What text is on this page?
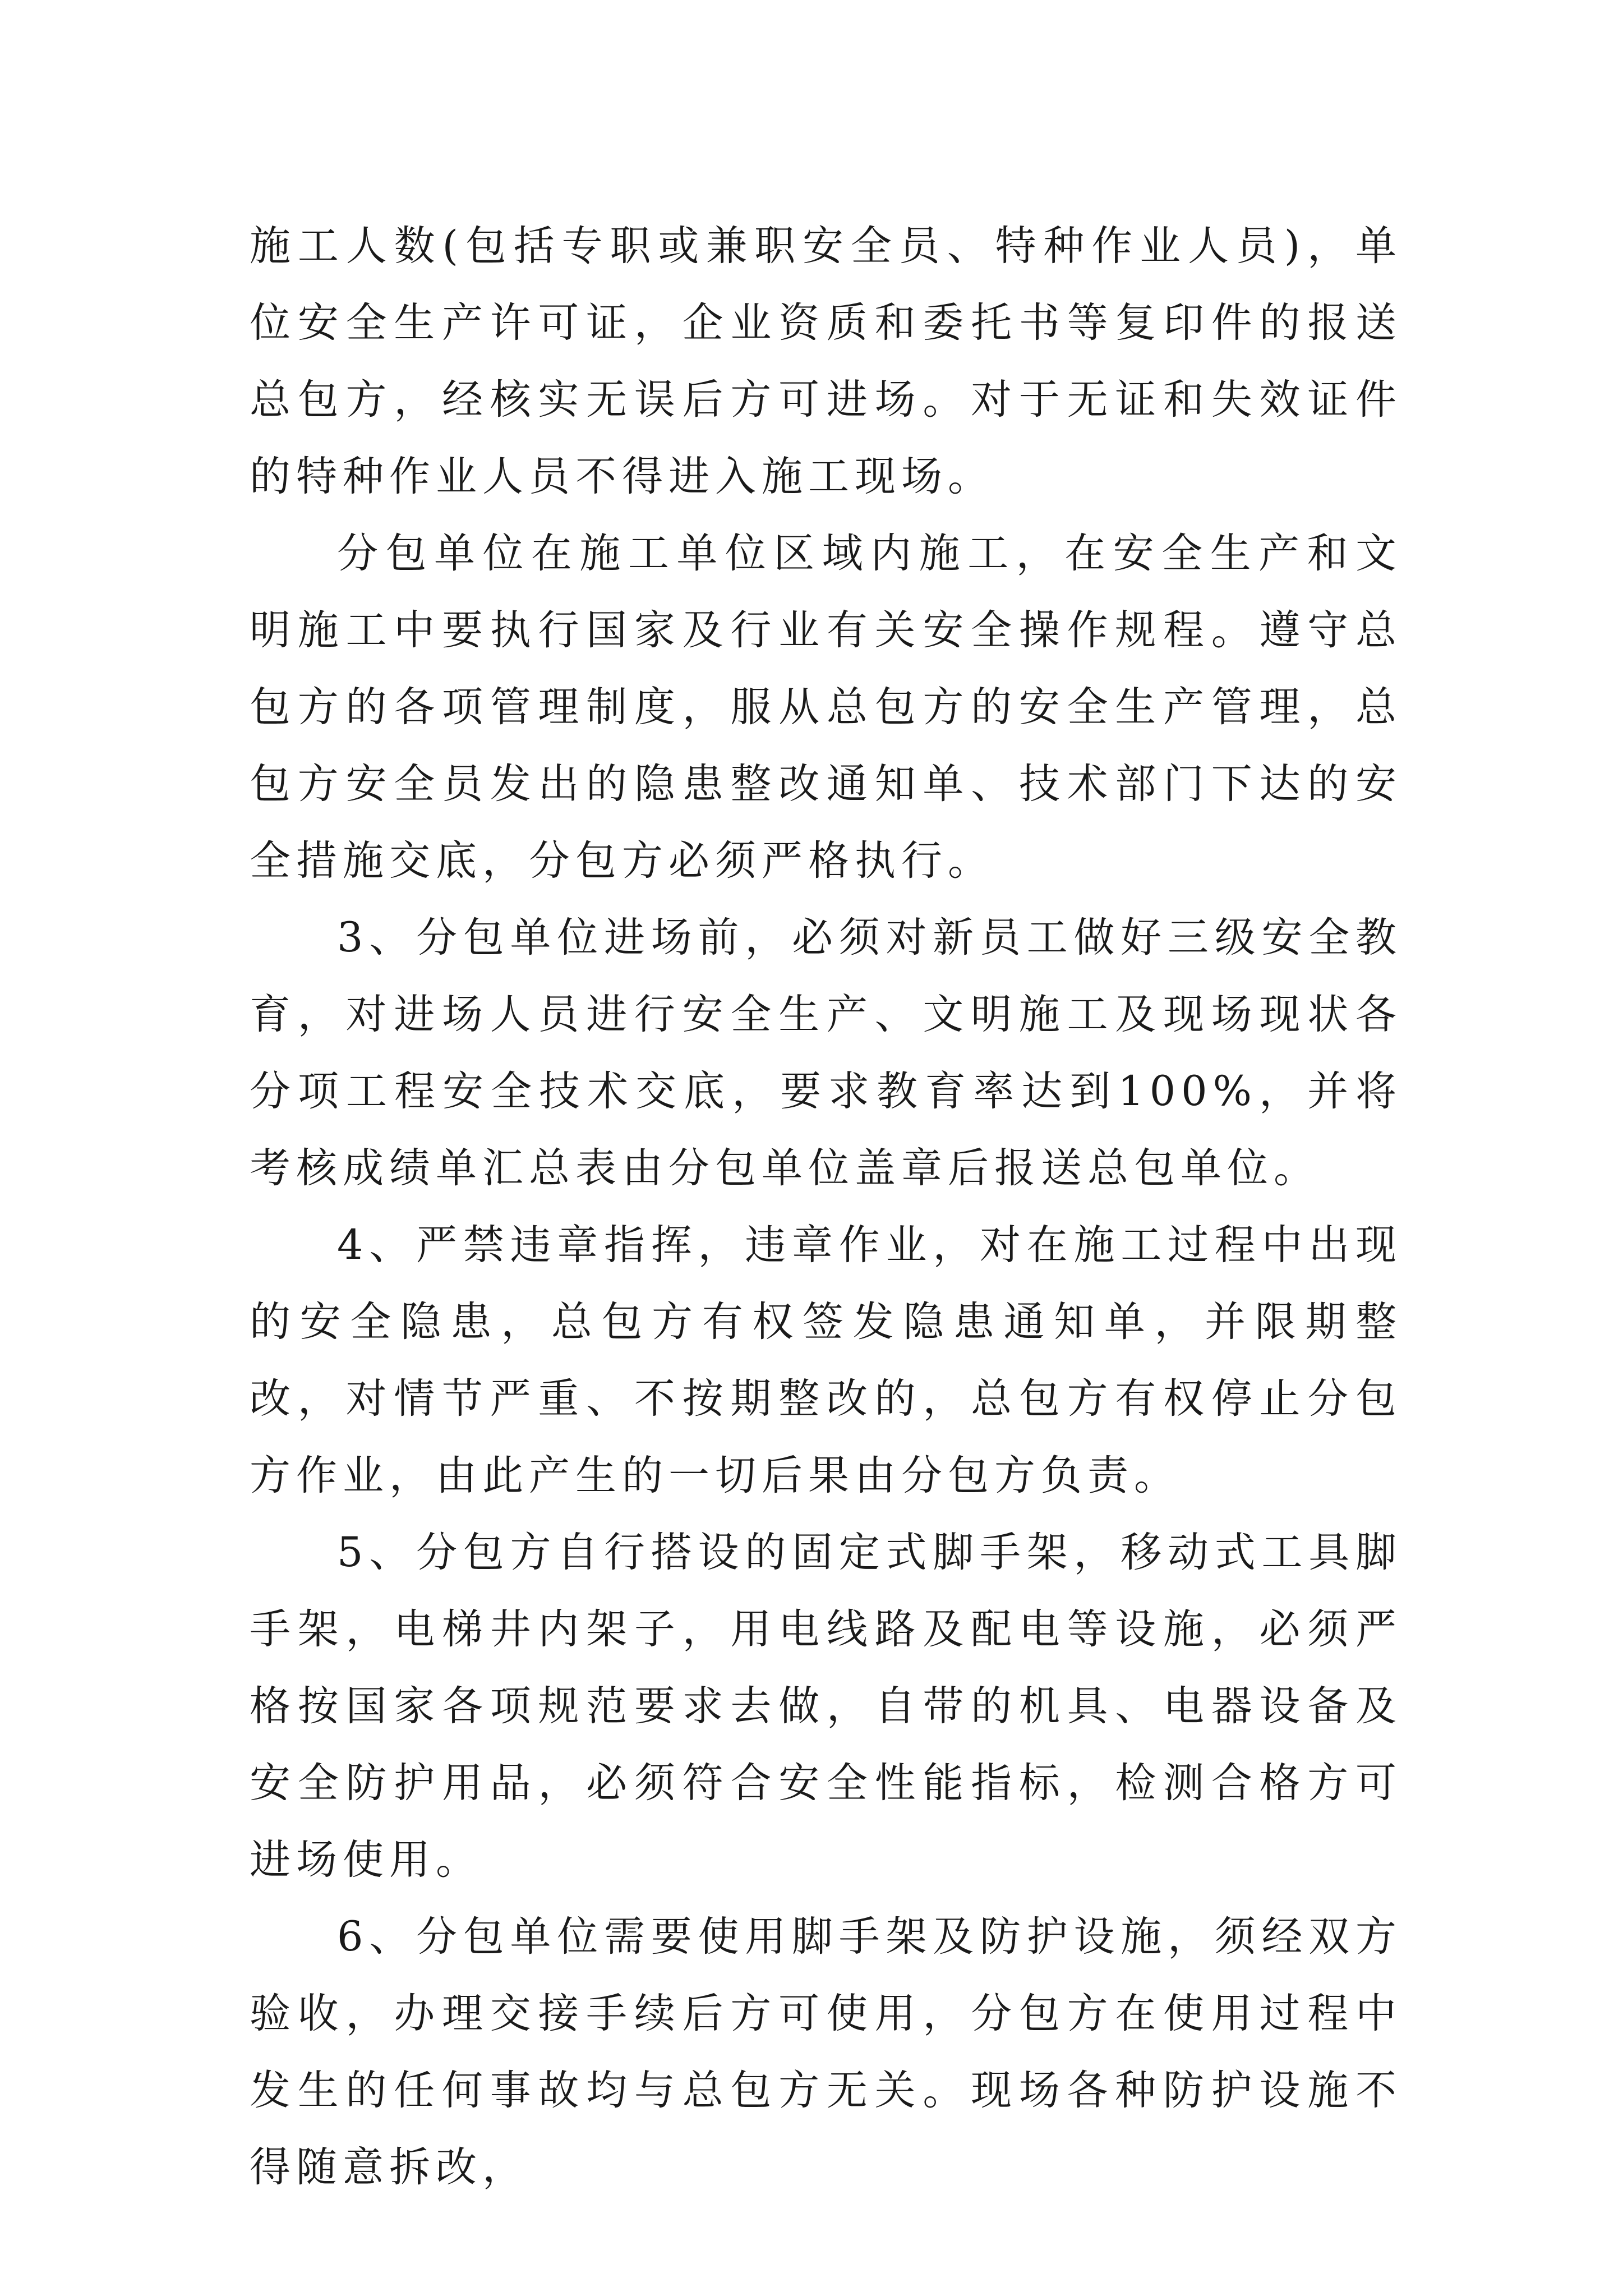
施工人数(包括专职或兼职安全员、特种作业人员)，单位安全生产许可证，企业资质和委托书等复印件的报送总包方，经核实无误后方可进场。对于无证和失效证件的特种作业人员不得进入施工现场。

分包单位在施工单位区域内施工，在安全生产和文明施工中要执行国家及行业有关安全操作规程。遵守总包方的各项管理制度，服从总包方的安全生产管理，总包方安全员发出的隐患整改通知单、技术部门下达的安全措施交底，分包方必须严格执行。

3、分包单位进场前，必须对新员工做好三级安全教育，对进场人员进行安全生产、文明施工及现场现状各分项工程安全技术交底，要求教育率达到100%，并将考核成绩单汇总表由分包单位盖章后报送总包单位。

4、严禁违章指挥，违章作业，对在施工过程中出现的安全隐患，总包方有权签发隐患通知单，并限期整改，对情节严重、不按期整改的，总包方有权停止分包方作业，由此产生的一切后果由分包方负责。

5、分包方自行搭设的固定式脚手架，移动式工具脚手架，电梯井内架子，用电线路及配电等设施，必须严格按国家各项规范要求去做，自带的机具、电器设备及安全防护用品，必须符合安全性能指标，检测合格方可进场使用。

6、分包单位需要使用脚手架及防护设施，须经双方验收，办理交接手续后方可使用，分包方在使用过程中发生的任何事故均与总包方无关。现场各种防护设施不得随意拆改，
